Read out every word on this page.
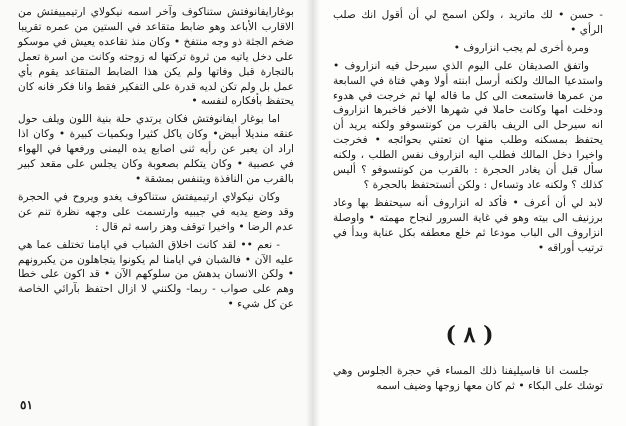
بوغارايفانوفتش ستناكوف وآخر اسمه نيكولاي ارتيمييفتش من الاقارب الأباعد وهو ضابط متقاعد في الستين من عمره تقريبا ضخم الجثة ذو وجه منتفخ • وكان منذ تقاعده يعيش في موسكو على دخل ياتيه من ثروة تركتها له زوجته وكانت من اسرة تعمل بالتجارة قبل وفاتها ولم يكن هذا الضابط المتقاعد يقوم بأي عمل بل ولم تكن لديه قدرة على التفكير فقط وانا فكر فانه كان يحتفظ بأفكاره لنفسه •

اما بوغار ايفانوفتش فكان يرتدي حلة بنية اللون ويلف حول عنقه منديلا أبيض• وكان ياكل كثيرا وبكميات كبيرة • وكان اذا اراد ان يعبر عن رأيه ثنى اصابع يده اليمنى ورفعها في الهواء في عصبية • وكان يتكلم بصعوبة وكان يجلس على مقعد كبير بالقرب من النافذة ويتنفس بمشقة •

وكان نيكولاي ارتيميفتش ستناكوف يغدو ويروح في الحجرة وقد وضع يديه في جيبيه وارتسمت على وجهه نظرة تنم عن عدم الرضا • واخيرا توقف وهز راسه ثم قال :

- نعم •• لقد كانت اخلاق الشباب في ايامنا تختلف عما هي عليه الآن • فالشبان في ايامنا لم يكونوا يتجاهلون من يكبرونهم • ولكن الانسان يدهش من سلوكهم الآن • قد اكون على خطا وهم على صواب - ربما- ولكنني لا ازال احتفظ بآرائي الخاصة عن كل شيء •

٥١

- حسن • لك ماتريد ، ولكن اسمح لي أن أقول انك صلب الرأي •

ومرة أخرى لم يجب انزاروف •

واتفق الصديقان على اليوم الذي سيرحل فيه انزاروف • واستدعيا المالك ولكنه أرسل ابنته أولا وهي فتاة في السابعة من عمرها فاستمعت الى كل ما قاله لها ثم خرجت في هدوء ودخلت امها وكانت حاملا في شهرها الاخير فاخبرها انزاروف انه سيرحل الى الريف بالقرب من كونتسوفو ولكنه يريد أن يحتفظ بمسكنه وطلب منها ان تعتني بحوائجه • فخرجت واخيرا دخل المالك فطلب اليه انزاروف نفس الطلب ، ولكنه سأل قبل أن يغادر الحجرة : بالقرب من كونتسوفو ؟ أليس كذلك ؟ ولكنه عاد وتساءل : ولكن أتستحتفظ بالحجرة ؟

لابد لي أن أعرف • فأكد له انزاروف أنه سيحتفظ بها وعاد برزنيف الى بيته وهو في غاية السرور لنجاح مهمته • واوصلة انزاروف الى الباب مودعا ثم خلع معطفه بكل عناية وبدأ في ترتيب أوراقه •

( ٨ )

جلست انا فاسيليفنا ذلك المساء في حجرة الجلوس وهي توشك على البكاء • ثم كان معها زوجها وضيف اسمه
